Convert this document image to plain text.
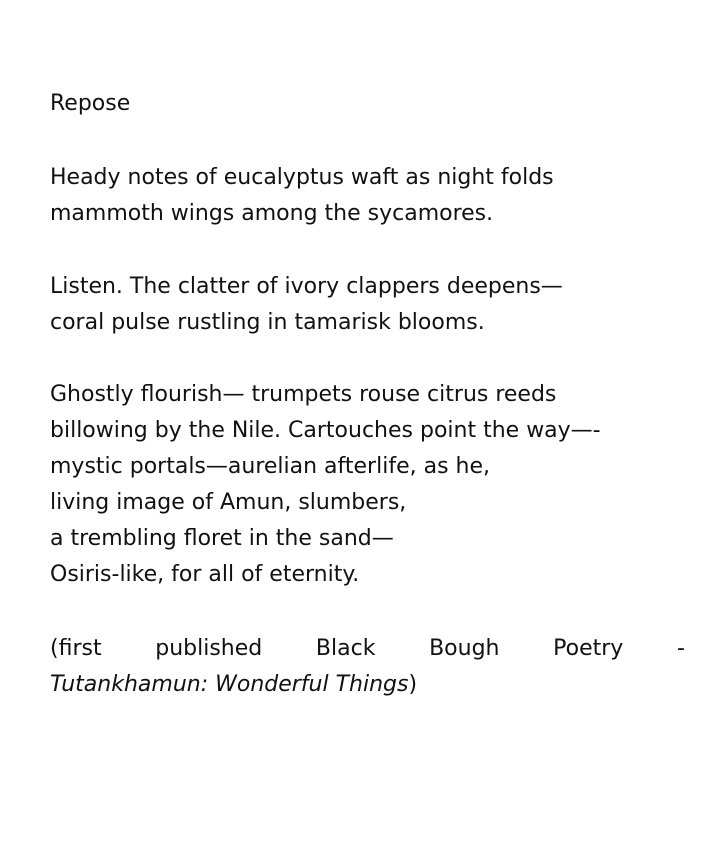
Repose

Heady notes of eucalyptus waft as night folds

mammoth wings among the sycamores.

Listen. The clatter of ivory clappers deepens—

coral pulse rustling in tamarisk blooms.

Ghostly flourish— trumpets rouse citrus reeds

billowing by the Nile. Cartouches point the way—-

mystic portals—aurelian afterlife, as he,

living image of Amun, slumbers,

a trembling floret in the sand—

Osiris-like, for all of eternity.

(first published Black Bough Poetry -

Tutankhamun: Wonderful Things)
